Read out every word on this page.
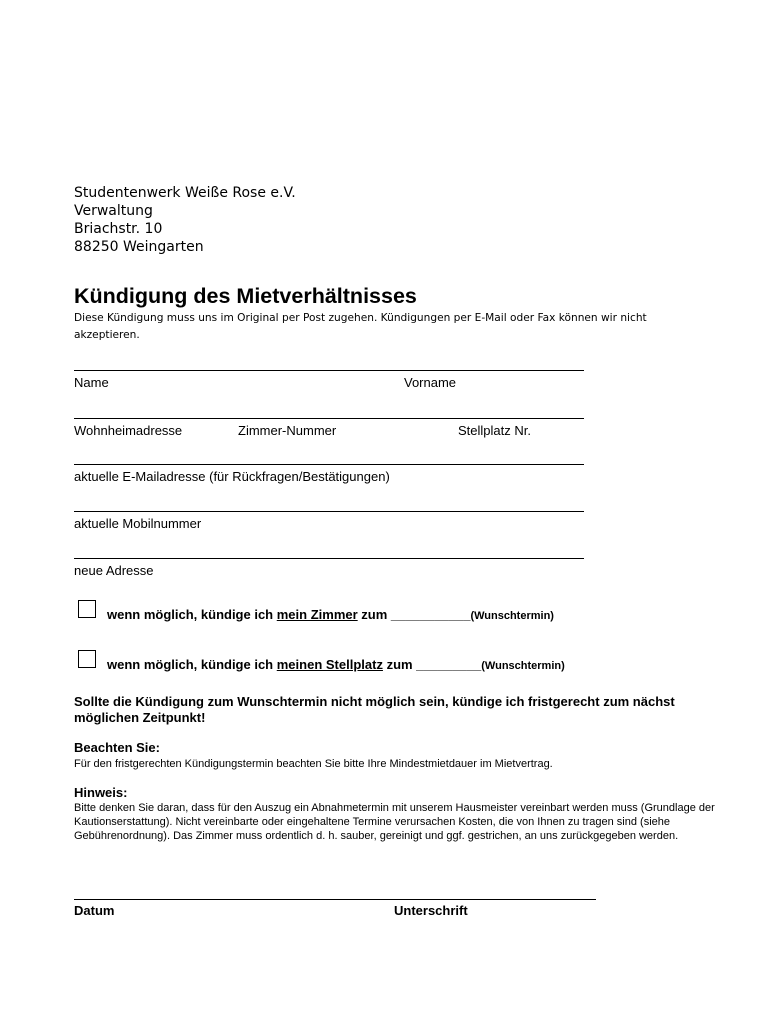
Studentenwerk Weiße Rose e.V.
Verwaltung
Briachstr. 10
88250 Weingarten
Kündigung des Mietverhältnisses
Diese Kündigung muss uns im Original per Post zugehen. Kündigungen per E-Mail oder Fax können wir nicht akzeptieren.
Name	Vorname
Wohnheimadresse	Zimmer-Nummer	Stellplatz Nr.
aktuelle E-Mailadresse (für Rückfragen/Bestätigungen)
aktuelle Mobilnummer
neue Adresse
wenn möglich, kündige ich mein Zimmer zum ___________(Wunschtermin)
wenn möglich, kündige ich meinen Stellplatz zum _________(Wunschtermin)
Sollte die Kündigung zum Wunschtermin nicht möglich sein, kündige ich fristgerecht zum nächst möglichen Zeitpunkt!
Beachten Sie:
Für den fristgerechten Kündigungstermin beachten Sie bitte Ihre Mindestmietdauer im Mietvertrag.
Hinweis:
Bitte denken Sie daran, dass für den Auszug ein Abnahmetermin mit unserem Hausmeister vereinbart werden muss (Grundlage der Kautionserstattung). Nicht vereinbarte oder eingehaltene Termine verursachen Kosten, die von Ihnen zu tragen sind (siehe Gebührenordnung). Das Zimmer muss ordentlich d. h. sauber, gereinigt und ggf. gestrichen, an uns zurückgegeben werden.
Datum	Unterschrift
